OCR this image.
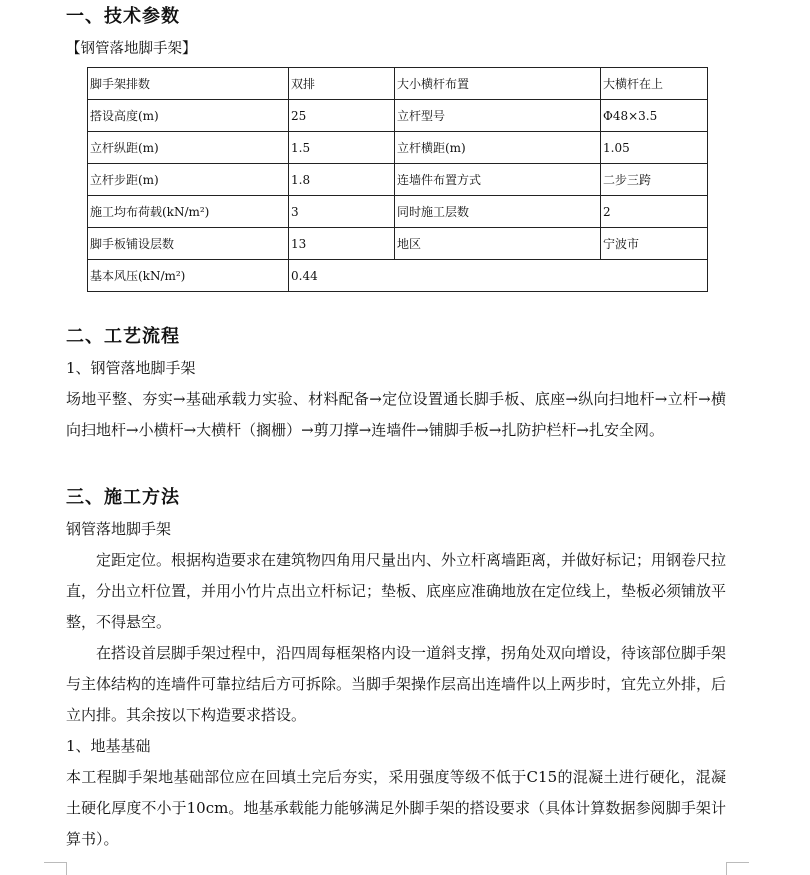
一、技术参数
【钢管落地脚手架】
脚手架排数	双排	大小横杆布置	大横杆在上
搭设高度(m)	25	立杆型号	Φ48×3.5
立杆纵距(m)	1.5	立杆横距(m)	1.05
立杆步距(m)	1.8	连墙件布置方式	二步三跨
施工均布荷载(kN/m²)	3	同时施工层数	2
脚手板铺设层数	13	地区	宁波市
基本风压(kN/m²)	0.44		
二、工艺流程
1、钢管落地脚手架
场地平整、夯实→基础承载力实验、材料配备→定位设置通长脚手板、底座→纵向扫地杆→立杆→横向扫地杆→小横杆→大横杆（搁栅）→剪刀撑→连墙件→铺脚手板→扎防护栏杆→扎安全网。
三、施工方法
钢管落地脚手架
定距定位。根据构造要求在建筑物四角用尺量出内、外立杆离墙距离，并做好标记；用钢卷尺拉直，分出立杆位置，并用小竹片点出立杆标记；垫板、底座应准确地放在定位线上，垫板必须铺放平整，不得悬空。
在搭设首层脚手架过程中，沿四周每框架格内设一道斜支撑，拐角处双向增设，待该部位脚手架与主体结构的连墙件可靠拉结后方可拆除。当脚手架操作层高出连墙件以上两步时，宜先立外排，后立内排。其余按以下构造要求搭设。
1、地基基础
本工程脚手架地基础部位应在回填土完后夯实，采用强度等级不低于C15的混凝土进行硬化，混凝土硬化厚度不小于10cm。地基承载能力能够满足外脚手架的搭设要求（具体计算数据参阅脚手架计算书）。
